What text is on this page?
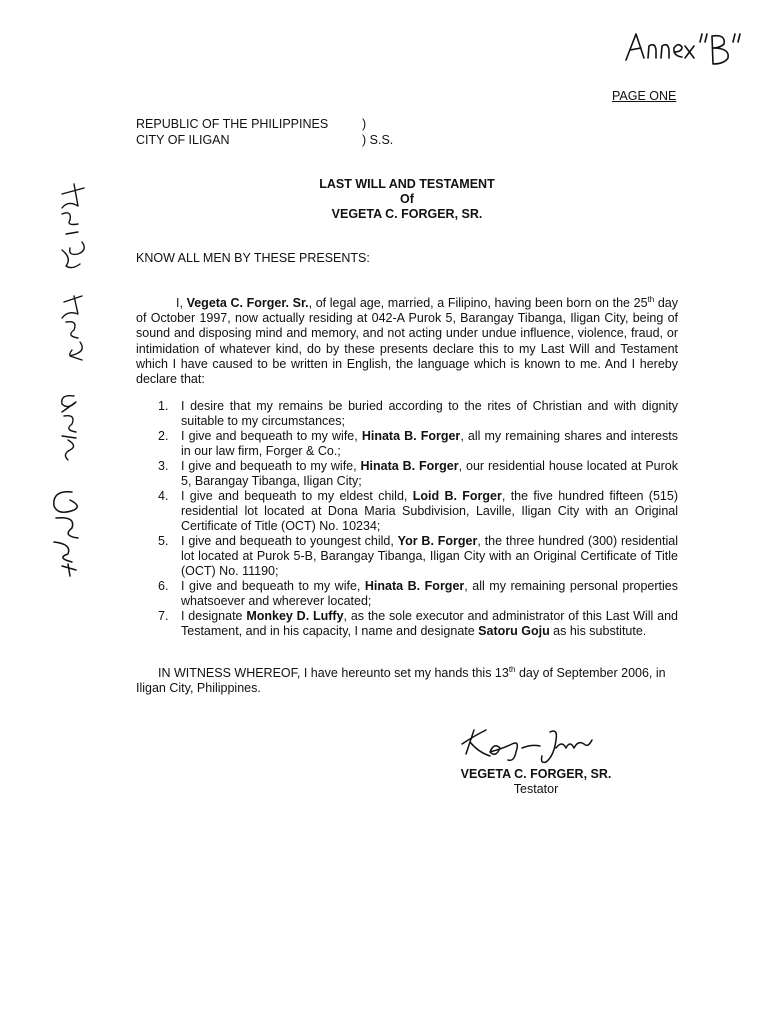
PAGE ONE
REPUBLIC OF THE PHILIPPINES	)
CITY OF ILIGAN	) S.S.
LAST WILL AND TESTAMENT
Of
VEGETA C. FORGER, SR.
KNOW ALL MEN BY THESE PRESENTS:
I, Vegeta C. Forger. Sr., of legal age, married, a Filipino, having been born on the 25th day of October 1997, now actually residing at 042-A Purok 5, Barangay Tibanga, Iligan City, being of sound and disposing mind and memory, and not acting under undue influence, violence, fraud, or intimidation of whatever kind, do by these presents declare this to my Last Will and Testament which I have caused to be written in English, the language which is known to me. And I hereby declare that:
1.	I desire that my remains be buried according to the rites of Christian and with dignity suitable to my circumstances;
2.	I give and bequeath to my wife, Hinata B. Forger, all my remaining shares and interests in our law firm, Forger & Co.;
3.	I give and bequeath to my wife, Hinata B. Forger, our residential house located at Purok 5, Barangay Tibanga, Iligan City;
4.	I give and bequeath to my eldest child, Loid B. Forger, the five hundred fifteen (515) residential lot located at Dona Maria Subdivision, Laville, Iligan City with an Original Certificate of Title (OCT) No. 10234;
5.	I give and bequeath to youngest child, Yor B. Forger, the three hundred (300) residential lot located at Purok 5-B, Barangay Tibanga, Iligan City with an Original Certificate of Title (OCT) No. 11190;
6.	I give and bequeath to my wife, Hinata B. Forger, all my remaining personal properties whatsoever and wherever located;
7.	I designate Monkey D. Luffy, as the sole executor and administrator of this Last Will and Testament, and in his capacity, I name and designate Satoru Goju as his substitute.
IN WITNESS WHEREOF, I have hereunto set my hands this 13th day of September 2006, in Iligan City, Philippines.
VEGETA C. FORGER, SR.
Testator
